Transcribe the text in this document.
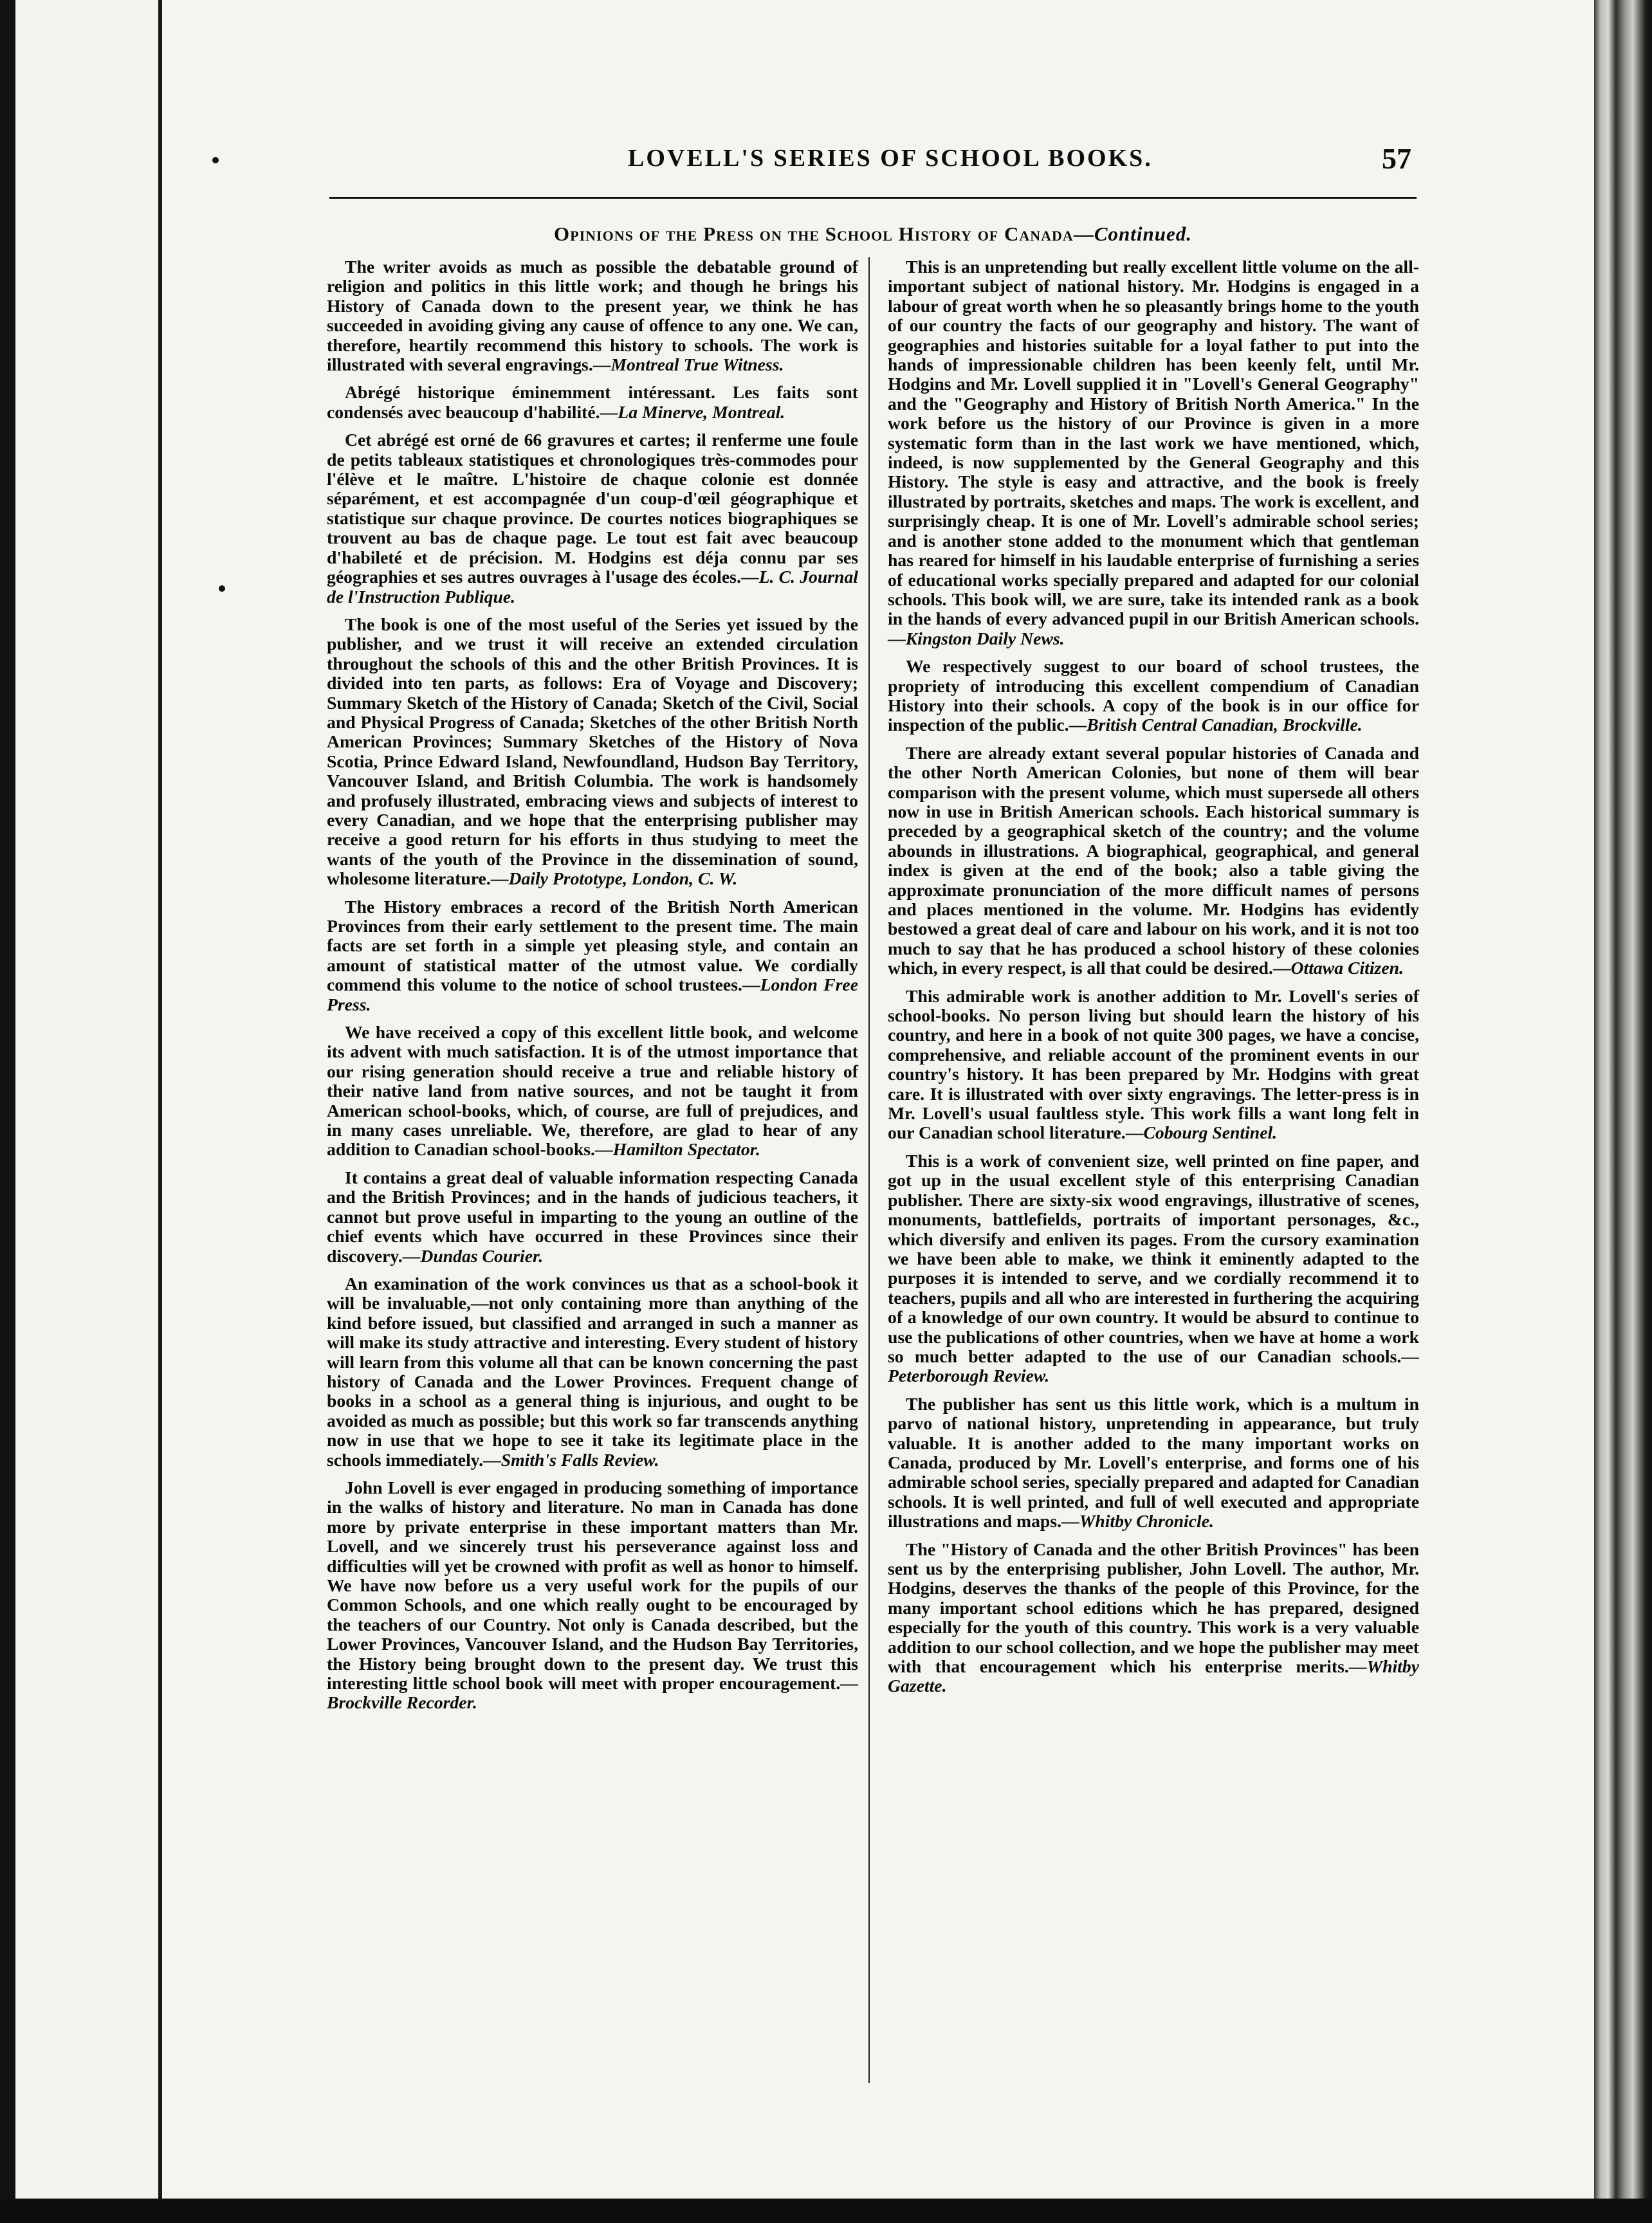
LOVELL'S SERIES OF SCHOOL BOOKS.	57
Opinions of the Press on the School History of Canada—Continued.

The writer avoids as much as possible the debatable ground of religion and politics in this little work; and though he brings his History of Canada down to the present year, we think he has succeeded in avoiding giving any cause of offence to any one. We can, therefore, heartily recommend this history to schools. The work is illustrated with several engravings.—Montreal True Witness.

Abrégé historique éminemment intéressant. Les faits sont condensés avec beaucoup d'habilité.—La Minerve, Montreal.

Cet abrégé est orné de 66 gravures et cartes; il renferme une foule de petits tableaux statistiques et chronologiques très-commodes pour l'élève et le maître. L'histoire de chaque colonie est donnée séparément, et est accompagnée d'un coup-d'œil géographique et statistique sur chaque province. De courtes notices biographiques se trouvent au bas de chaque page. Le tout est fait avec beaucoup d'habileté et de précision. M. Hodgins est déja connu par ses géographies et ses autres ouvrages à l'usage des écoles.—L. C. Journal de l'Instruction Publique.

The book is one of the most useful of the Series yet issued by the publisher, and we trust it will receive an extended circulation throughout the schools of this and the other British Provinces. It is divided into ten parts, as follows: Era of Voyage and Discovery; Summary Sketch of the History of Canada; Sketch of the Civil, Social and Physical Progress of Canada; Sketches of the other British North American Provinces; Summary Sketches of the History of Nova Scotia, Prince Edward Island, Newfoundland, Hudson Bay Territory, Vancouver Island, and British Columbia. The work is handsomely and profusely illustrated, embracing views and subjects of interest to every Canadian, and we hope that the enterprising publisher may receive a good return for his efforts in thus studying to meet the wants of the youth of the Province in the dissemination of sound, wholesome literature.—Daily Prototype, London, C. W.

The History embraces a record of the British North American Provinces from their early settlement to the present time. The main facts are set forth in a simple yet pleasing style, and contain an amount of statistical matter of the utmost value. We cordially commend this volume to the notice of school trustees.—London Free Press.

We have received a copy of this excellent little book, and welcome its advent with much satisfaction. It is of the utmost importance that our rising generation should receive a true and reliable history of their native land from native sources, and not be taught it from American school-books, which, of course, are full of prejudices, and in many cases unreliable. We, therefore, are glad to hear of any addition to Canadian school-books.—Hamilton Spectator.

It contains a great deal of valuable information respecting Canada and the British Provinces; and in the hands of judicious teachers, it cannot but prove useful in imparting to the young an outline of the chief events which have occurred in these Provinces since their discovery.—Dundas Courier.

An examination of the work convinces us that as a school-book it will be invaluable,—not only containing more than anything of the kind before issued, but classified and arranged in such a manner as will make its study attractive and interesting. Every student of history will learn from this volume all that can be known concerning the past history of Canada and the Lower Provinces. Frequent change of books in a school as a general thing is injurious, and ought to be avoided as much as possible; but this work so far transcends anything now in use that we hope to see it take its legitimate place in the schools immediately.—Smith's Falls Review.

John Lovell is ever engaged in producing something of importance in the walks of history and literature. No man in Canada has done more by private enterprise in these important matters than Mr. Lovell, and we sincerely trust his perseverance against loss and difficulties will yet be crowned with profit as well as honor to himself. We have now before us a very useful work for the pupils of our Common Schools, and one which really ought to be encouraged by the teachers of our Country. Not only is Canada described, but the Lower Provinces, Vancouver Island, and the Hudson Bay Territories, the History being brought down to the present day. We trust this interesting little school book will meet with proper encouragement.—Brockville Recorder.

This is an unpretending but really excellent little volume on the all-important subject of national history. Mr. Hodgins is engaged in a labour of great worth when he so pleasantly brings home to the youth of our country the facts of our geography and history. The want of geographies and histories suitable for a loyal father to put into the hands of impressionable children has been keenly felt, until Mr. Hodgins and Mr. Lovell supplied it in "Lovell's General Geography" and the "Geography and History of British North America." In the work before us the history of our Province is given in a more systematic form than in the last work we have mentioned, which, indeed, is now supplemented by the General Geography and this History. The style is easy and attractive, and the book is freely illustrated by portraits, sketches and maps. The work is excellent, and surprisingly cheap. It is one of Mr. Lovell's admirable school series; and is another stone added to the monument which that gentleman has reared for himself in his laudable enterprise of furnishing a series of educational works specially prepared and adapted for our colonial schools. This book will, we are sure, take its intended rank as a book in the hands of every advanced pupil in our British American schools.—Kingston Daily News.

We respectively suggest to our board of school trustees, the propriety of introducing this excellent compendium of Canadian History into their schools. A copy of the book is in our office for inspection of the public.—British Central Canadian, Brockville.

There are already extant several popular histories of Canada and the other North American Colonies, but none of them will bear comparison with the present volume, which must supersede all others now in use in British American schools. Each historical summary is preceded by a geographical sketch of the country; and the volume abounds in illustrations. A biographical, geographical, and general index is given at the end of the book; also a table giving the approximate pronunciation of the more difficult names of persons and places mentioned in the volume. Mr. Hodgins has evidently bestowed a great deal of care and labour on his work, and it is not too much to say that he has produced a school history of these colonies which, in every respect, is all that could be desired.—Ottawa Citizen.

This admirable work is another addition to Mr. Lovell's series of school-books. No person living but should learn the history of his country, and here in a book of not quite 300 pages, we have a concise, comprehensive, and reliable account of the prominent events in our country's history. It has been prepared by Mr. Hodgins with great care. It is illustrated with over sixty engravings. The letter-press is in Mr. Lovell's usual faultless style. This work fills a want long felt in our Canadian school literature.—Cobourg Sentinel.

This is a work of convenient size, well printed on fine paper, and got up in the usual excellent style of this enterprising Canadian publisher. There are sixty-six wood engravings, illustrative of scenes, monuments, battlefields, portraits of important personages, &c., which diversify and enliven its pages. From the cursory examination we have been able to make, we think it eminently adapted to the purposes it is intended to serve, and we cordially recommend it to teachers, pupils and all who are interested in furthering the acquiring of a knowledge of our own country. It would be absurd to continue to use the publications of other countries, when we have at home a work so much better adapted to the use of our Canadian schools.—Peterborough Review.

The publisher has sent us this little work, which is a multum in parvo of national history, unpretending in appearance, but truly valuable. It is another added to the many important works on Canada, produced by Mr. Lovell's enterprise, and forms one of his admirable school series, specially prepared and adapted for Canadian schools. It is well printed, and full of well executed and appropriate illustrations and maps.—Whitby Chronicle.

The "History of Canada and the other British Provinces" has been sent us by the enterprising publisher, John Lovell. The author, Mr. Hodgins, deserves the thanks of the people of this Province, for the many important school editions which he has prepared, designed especially for the youth of this country. This work is a very valuable addition to our school collection, and we hope the publisher may meet with that encouragement which his enterprise merits.—Whitby Gazette.
